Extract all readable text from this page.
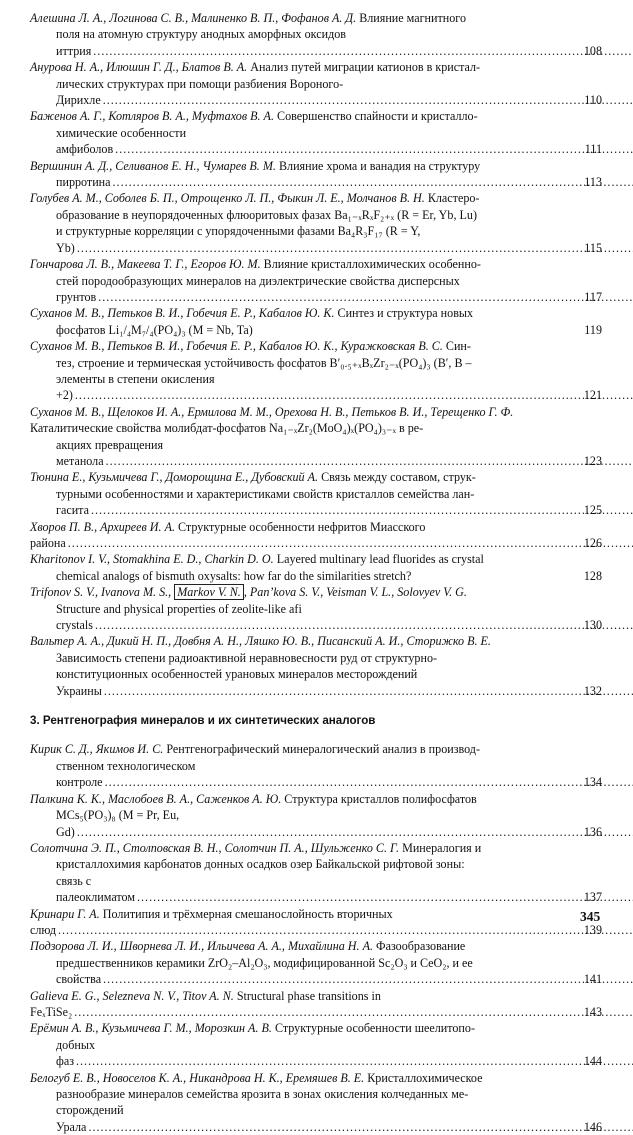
Алешина Л. А., Логинова С. В., Малиненко В. П., Фофанов А. Д. Влияние магнитного
поля на атомную структуру анодных аморфных оксидов иттрия .....	108
Анурова Н. А., Илюшин Г. Д., Блатов В. А. Анализ путей миграции катионов в кристал-
лических структурах при помощи разбиения Вороного-Дирихле .....	110
Баженов А. Г., Котляров В. А., Муфтахов В. А. Совершенство спайности и кристалло-
химические особенности амфиболов .....	111
Вершинин А. Д., Селиванов Е. Н., Чумарев В. М. Влияние хрома и ванадия на структуру
пирротина .....	113
Голубев А. М., Соболев Б. П., Отрощенко Л. П., Фыкин Л. Е., Молчанов В. Н. Кластеро-
образование в неупорядоченных флюоритовых фазах Ba₁₋ₓRₓF₂₊ₓ (R = Er, Yb, Lu)
и структурные корреляции с упорядоченными фазами Ba₄R₃F₁₇ (R = Y, Yb) .....	115
Гончарова Л. В., Макеева Т. Г., Егоров Ю. М. Влияние кристаллохимических особенно-
стей породообразующих минералов на диэлектрические свойства дисперсных
грунтов .....	117
Суханов М. В., Петьков В. И., Гобечия Е. Р., Кабалов Ю. К. Синтез и структура новых
фосфатов Li₁/₄M₇/₄(PO₄)₃ (M = Nb, Ta)	119
Суханов М. В., Петьков В. И., Гобечия Е. Р., Кабалов Ю. К., Куражковская В. С. Син-
тез, строение и термическая устойчивость фосфатов B′₀.₅₊ₓBₓZr₂₋ₓ(PO₄)₃ (B′, B –
элементы в степени окисления +2) .....	121
Суханов М. В., Щелоков И. А., Ермилова М. М., Орехова Н. В., Петьков В. И., Терещенко Г. Ф. Каталитические свойства молибдат-фосфатов Na₁₋ₓZr₂(MoO₄)ₓ(PO₄)₃₋ₓ в ре-
акциях превращения метанола .....	123
Тюнина Е., Кузьмичева Г., Доморощина Е., Дубовский А. Связь между составом, струк-
турными особенностями и характеристиками свойств кристаллов семейства лан-
гасита .....	125
Хворов П. В., Архиреев И. А. Структурные особенности нефритов Миасского района .....	126
Kharitonov I. V., Stomakhina E. D., Charkin D. O. Layered multinary lead fluorides as crystal
chemical analogs of bismuth oxysalts: how far do the similarities stretch?	128
Trifonov S. V., Ivanova M. S., Markov V. N. , Pan’kova S. V., Veisman V. L., Solovyev V. G.
Structure and physical properties of zeolite-like afi crystals .....	130
Вальтер А. А., Дикий Н. П., Довбня А. Н., Ляшко Ю. В., Писанский А. И., Сторижко В. Е.
Зависимость степени радиоактивной неравновесности руд от структурно-
конституционных особенностей урановых минералов месторождений Украины .....	132
3. Рентгенография минералов и их синтетических аналогов
Кирик С. Д., Якимов И. С. Рентгенографический минералогический анализ в производ-
ственном технологическом контроле .....	134
Палкина К. К., Маслобоев В. А., Саженков А. Ю. Структура кристаллов полифосфатов
MCs₅(PO₃)₈ (M = Pr, Eu, Gd) .....	136
Солотчина Э. П., Столповская В. Н., Солотчин П. А., Шульженко С. Г. Минералогия и
кристаллохимия карбонатов донных осадков озер Байкальской рифтовой зоны:
связь с палеоклиматом .....	137
Кринари Г. А. Политипия и трёхмерная смешанослойность вторичных слюд .....	139
Подзорова Л. И., Шворнева Л. И., Ильичева А. А., Михайлина Н. А. Фазообразование
предшественников керамики ZrO₂–Al₂O₃, модифицированной Sc₂O₃ и CeO₂, и ее
свойства .....	141
Galieva E. G., Selezneva N. V., Titov A. N. Structural phase transitions in FeₓTiSe₂ .....	143
Ерёмин А. В., Кузьмичева Г. М., Морозкин А. В. Структурные особенности шеелитопо-
добных фаз .....	144
Белогуб Е. В., Новоселов К. А., Никандрова Н. К., Еремяшев В. Е. Кристаллохимическое
разнообразие минералов семейства ярозита в зонах окисления колчеданных ме-
сторождений Урала .....	146
345
